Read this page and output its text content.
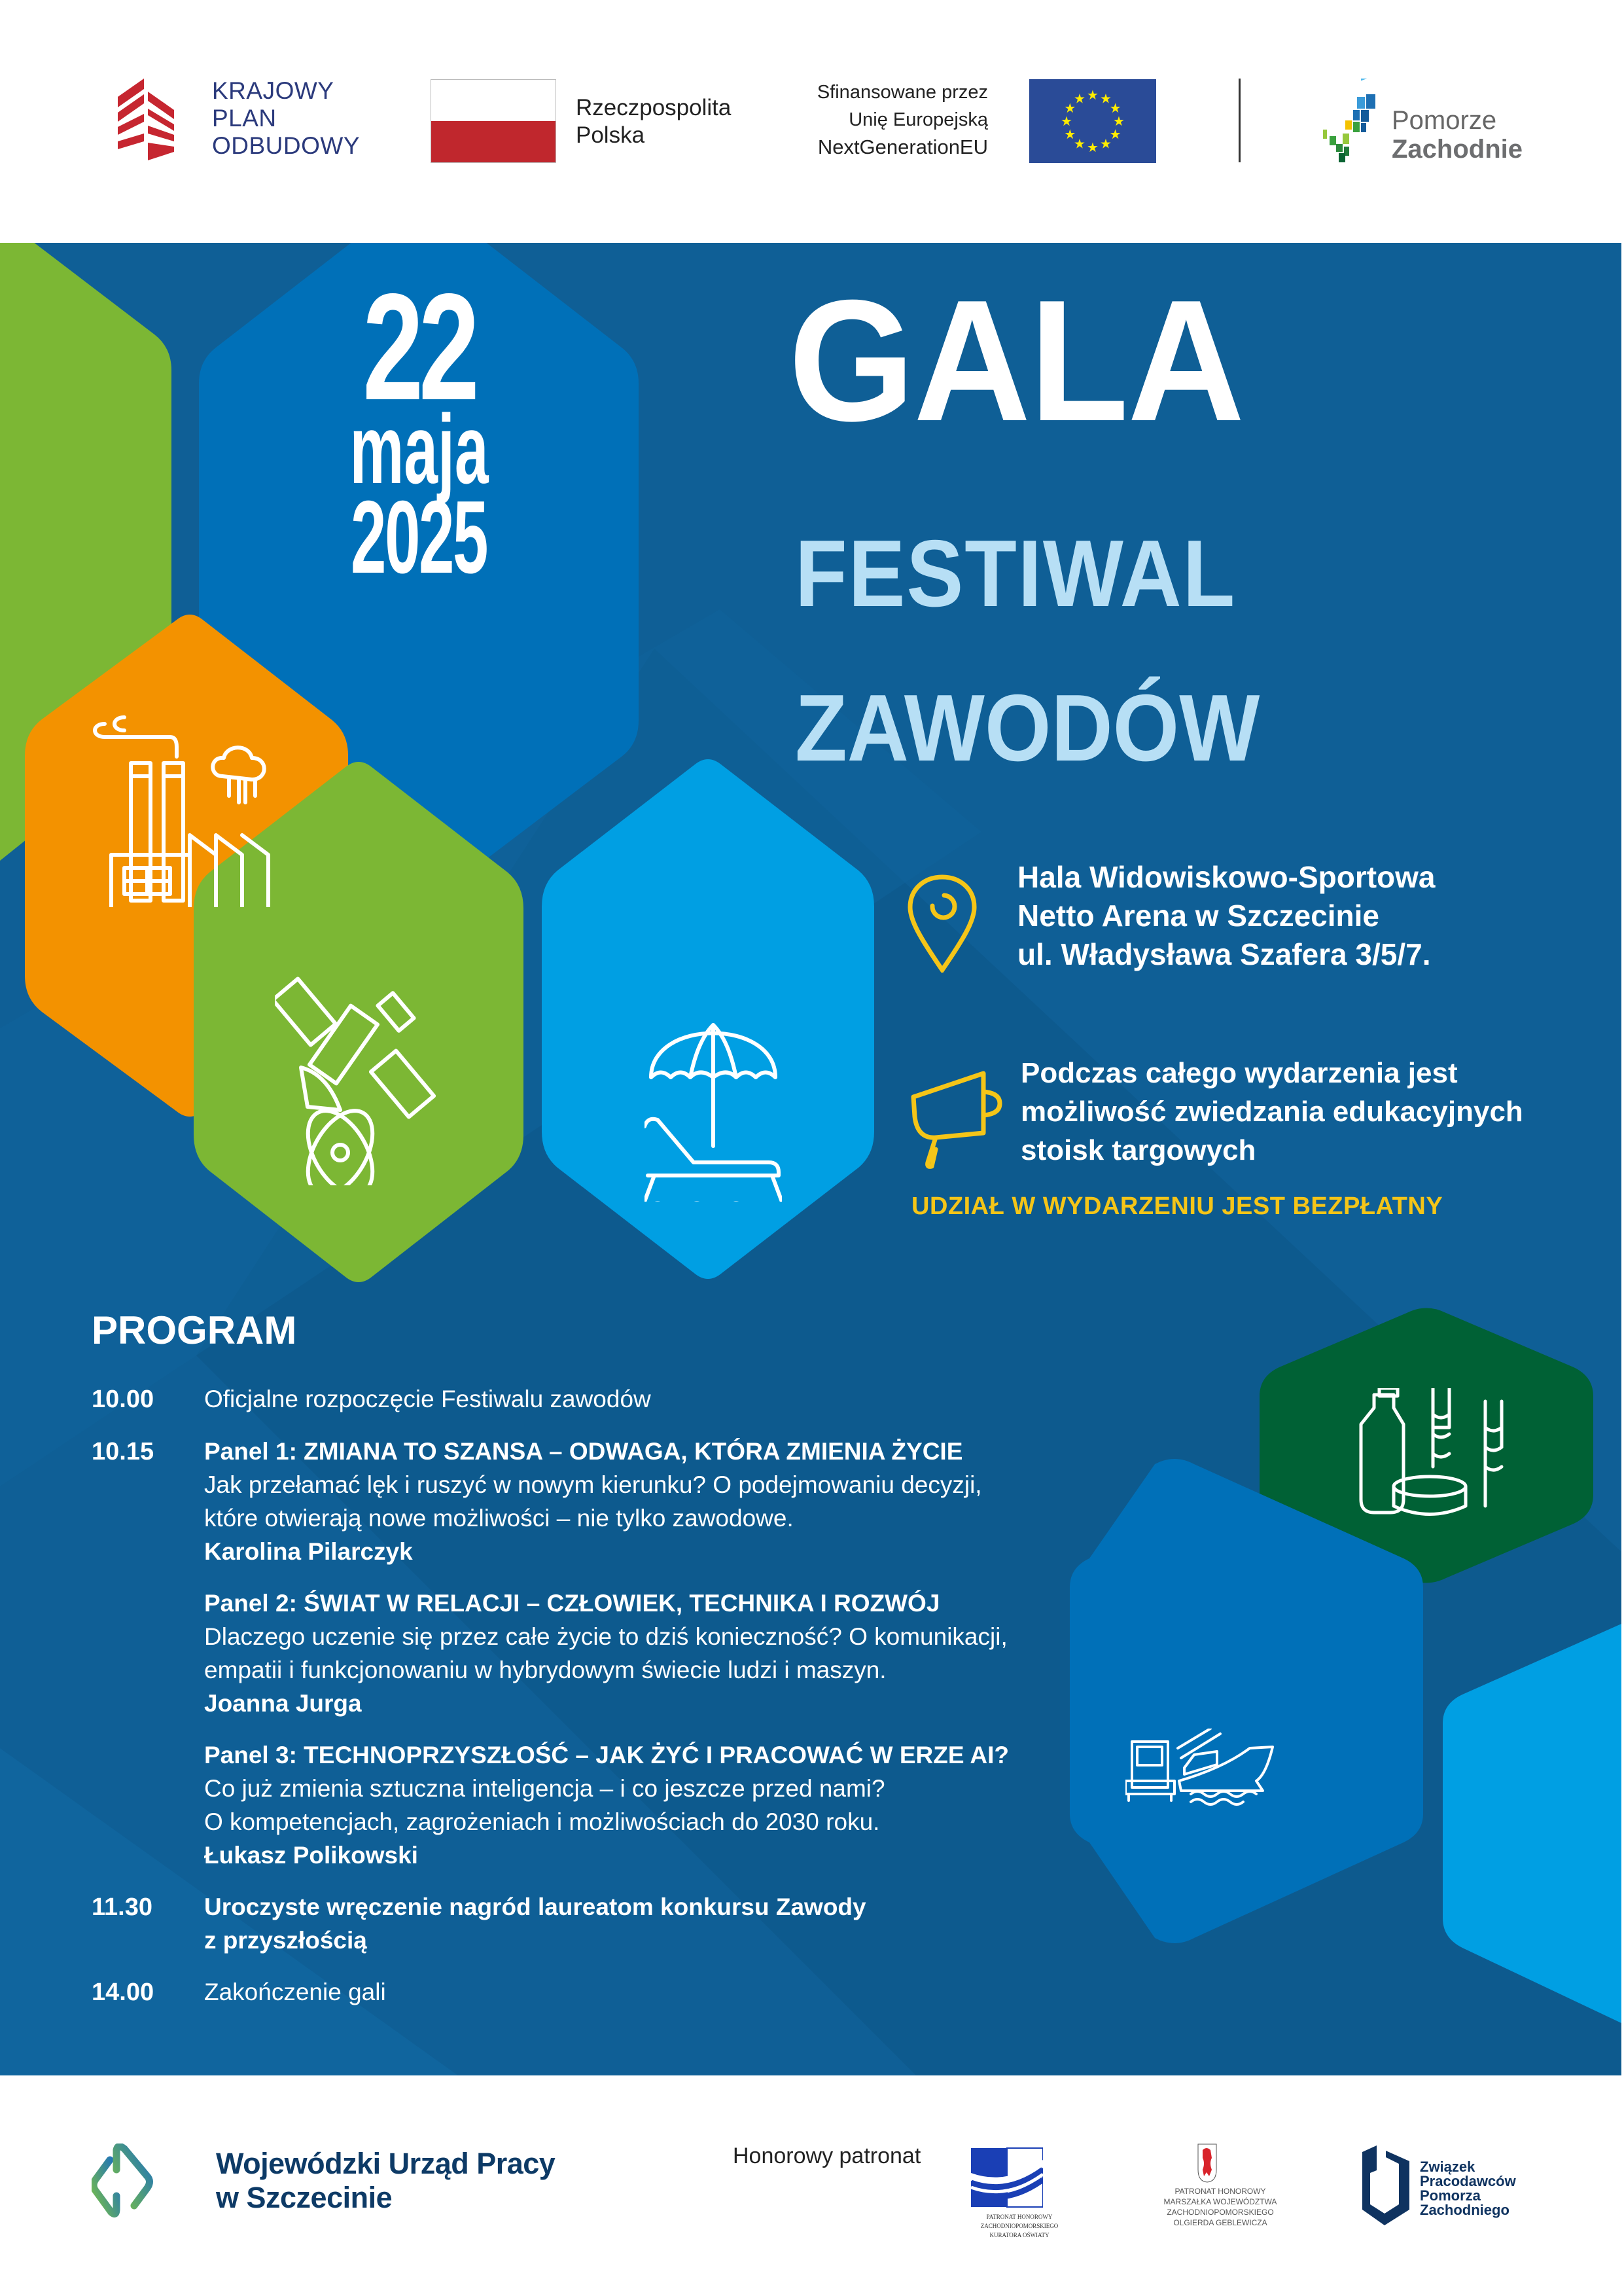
KRAJOWY
PLAN
ODBUDOWY
Rzeczpospolita
Polska
Sfinansowane przez
Unię Europejską
NextGenerationEU
★ ★
★
★
★
★
★
★
★
★
★
★
Pomorze
Zachodnie
22
maja
2025
GALA
FESTIWAL
ZAWODÓW
Hala Widowiskowo-Sportowa
Netto Arena w Szczecinie
ul. Władysława Szafera 3/5/7.
Podczas całego wydarzenia jest
możliwość zwiedzania edukacyjnych
stoisk targowych
UDZIAŁ W WYDARZENIU JEST BEZPŁATNY
PROGRAM
10.00	Oficjalne rozpoczęcie Festiwalu zawodów
10.15	Panel 1: ZMIANA TO SZANSA – ODWAGA, KTÓRA ZMIENIA ŻYCIE
Jak przełamać lęk i ruszyć w nowym kierunku? O podejmowaniu decyzji,
które otwierają nowe możliwości – nie tylko zawodowe.
Karolina Pilarczyk
Panel 2: ŚWIAT W RELACJI – CZŁOWIEK, TECHNIKA I ROZWÓJ
Dlaczego uczenie się przez całe życie to dziś konieczność? O komunikacji,
empatii i funkcjonowaniu w hybrydowym świecie ludzi i maszyn.
Joanna Jurga
Panel 3: TECHNOPRZYSZŁOŚĆ – JAK ŻYĆ I PRACOWAĆ W ERZE AI?
Co już zmienia sztuczna inteligencja – i co jeszcze przed nami?
O kompetencjach, zagrożeniach i możliwościach do 2030 roku.
Łukasz Polikowski
11.30	Uroczyste wręczenie nagród laureatom konkursu Zawody
z przyszłością
14.00	Zakończenie gali
Wojewódzki Urząd Pracy
w Szczecinie
Honorowy patronat
PATRONAT HONOROWY
ZACHODNIOPOMORSKIEGO
KURATORA OŚWIATY
PATRONAT HONOROWY
MARSZAŁKA WOJEWÓDZTWA
ZACHODNIOPOMORSKIEGO
OLGIERDA GEBLEWICZA
Związek
Pracodawców
Pomorza
Zachodniego
